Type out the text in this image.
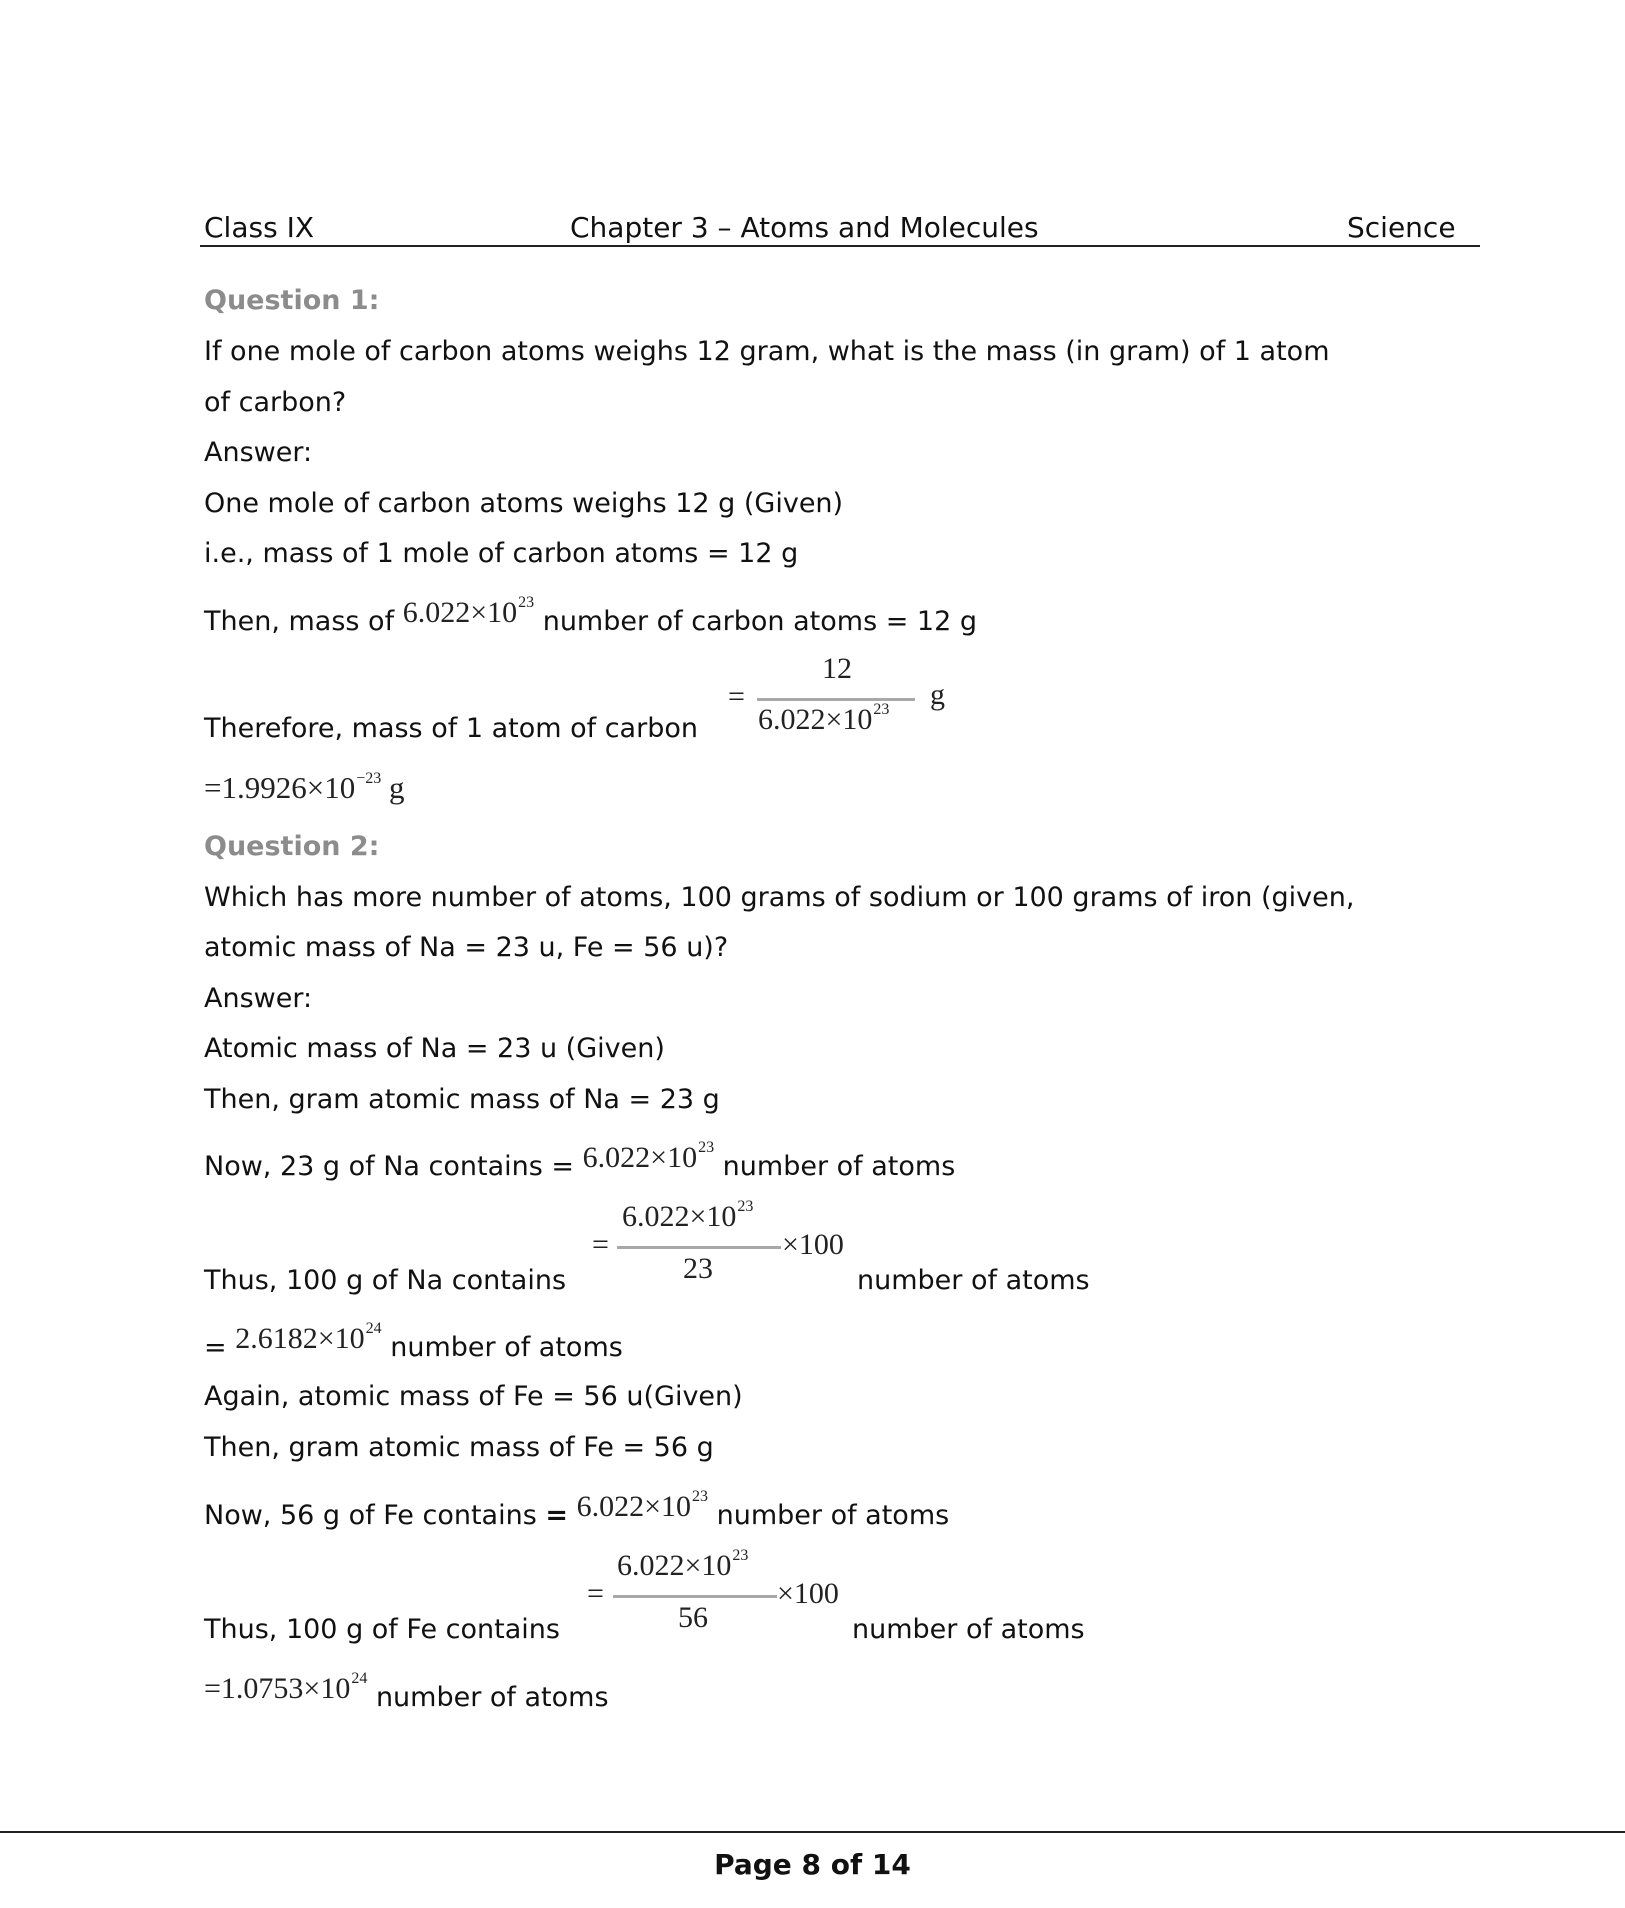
Class IX	Chapter 3 – Atoms and Molecules	Science
Question 1:
If one mole of carbon atoms weighs 12 gram, what is the mass (in gram) of 1 atom
of carbon?
Answer:
One mole of carbon atoms weighs 12 g (Given)
i.e., mass of 1 mole of carbon atoms = 12 g
Then, mass of $6.022\times 10^{23}$ number of carbon atoms = 12 g
Therefore, mass of 1 atom of carbon
=
12
$6.022\times 10^{23}$ g
$=1.9926\times 10^{-23}$ g
Question 2:
Which has more number of atoms, 100 grams of sodium or 100 grams of iron (given,
atomic mass of Na = 23 u, Fe = 56 u)?
Answer:
Atomic mass of Na = 23 u (Given)
Then, gram atomic mass of Na = 23 g
Now, 23 g of Na contains = $6.022\times 10^{23}$ number of atoms
Thus, 100 g of Na contains
=
$6.022\times 10^{23}$
23
×100
number of atoms
= $2.6182\times 10^{24}$ number of atoms
Again, atomic mass of Fe = 56 u(Given)
Then, gram atomic mass of Fe = 56 g
Now, 56 g of Fe contains = $6.022\times 10^{23}$ number of atoms
Thus, 100 g of Fe contains
=
$6.022\times 10^{23}$
56
×100
number of atoms
$=1.0753\times 10^{24}$ number of atoms
Page 8 of 14
